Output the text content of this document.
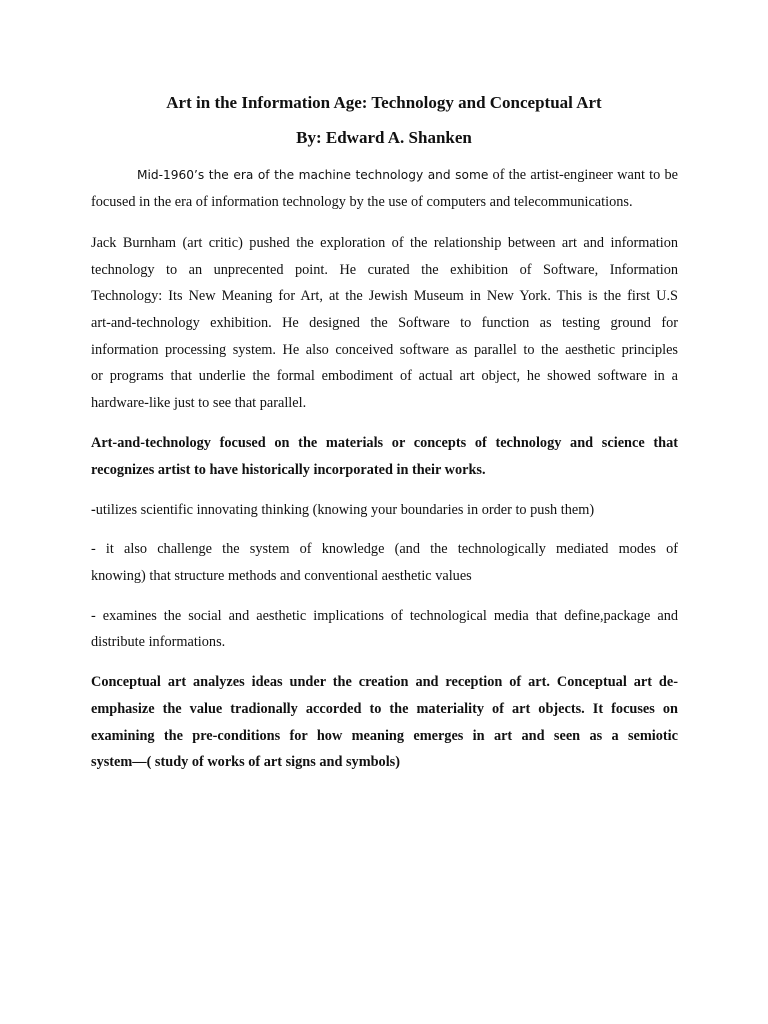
Art in the Information Age: Technology and Conceptual Art
By: Edward A. Shanken
Mid-1960’s the era of the machine technology and some of the artist-engineer want to be
focused in the era of information technology by the use of computers and telecommunications.
Jack Burnham (art critic) pushed the exploration of the relationship between art and information
technology to an unprecented point. He curated the exhibition of Software, Information
Technology: Its New Meaning for Art, at the Jewish Museum in New York. This is the first U.S
art-and-technology exhibition. He designed the Software to function as testing ground for
information processing system. He also conceived software as parallel to the aesthetic principles
or programs that underlie the formal embodiment of actual art object, he showed software in a
hardware-like just to see that parallel.
Art-and-technology focused on the materials or concepts of technology and science that
recognizes artist to have historically incorporated in their works.
-utilizes scientific innovating thinking (knowing your boundaries in order to push them)
- it also challenge the system of knowledge (and the technologically mediated modes of
knowing) that structure methods and conventional aesthetic values
- examines the social and aesthetic implications of technological media that define,package and
distribute informations.
Conceptual art analyzes ideas under the creation and reception of art. Conceptual art de-
emphasize the value tradionally accorded to the materiality of art objects. It focuses on
examining the pre-conditions for how meaning emerges in art and seen as a semiotic
system—( study of works of art signs and symbols)
